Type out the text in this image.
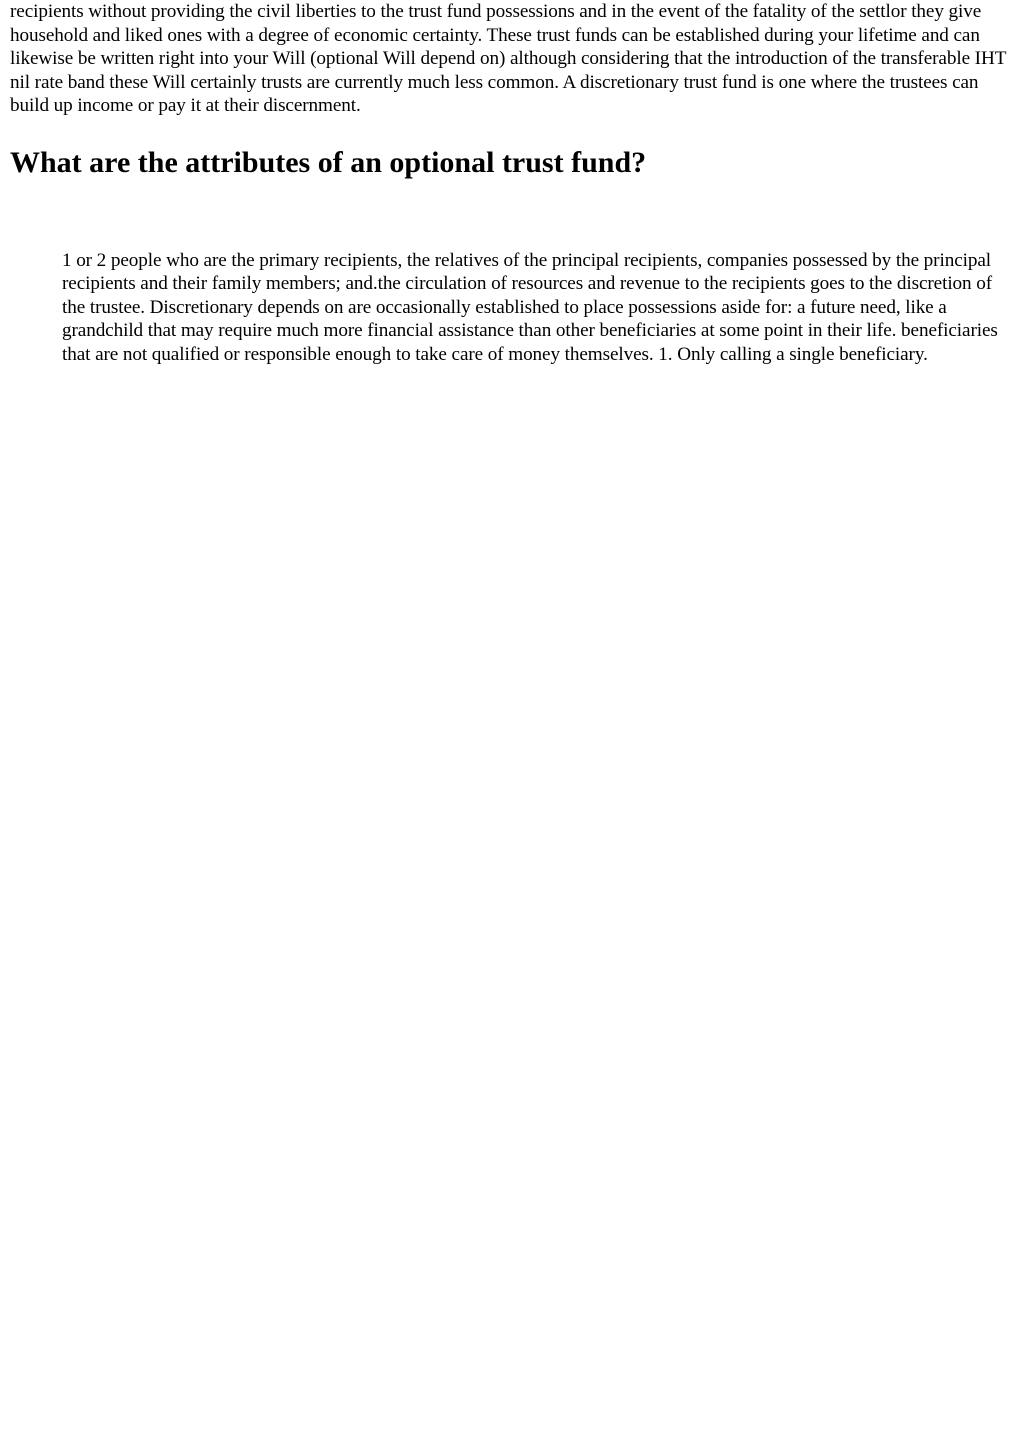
recipients without providing the civil liberties to the trust fund possessions and in the event of the fatality of the settlor they give household and liked ones with a degree of economic certainty. These trust funds can be established during your lifetime and can likewise be written right into your Will (optional Will depend on) although considering that the introduction of the transferable IHT nil rate band these Will certainly trusts are currently much less common. A discretionary trust fund is one where the trustees can build up income or pay it at their discernment.

What are the attributes of an optional trust fund?

1 or 2 people who are the primary recipients, the relatives of the principal recipients, companies possessed by the principal recipients and their family members; and.the circulation of resources and revenue to the recipients goes to the discretion of the trustee. Discretionary depends on are occasionally established to place possessions aside for: a future need, like a grandchild that may require much more financial assistance than other beneficiaries at some point in their life. beneficiaries that are not qualified or responsible enough to take care of money themselves. 1. Only calling a single beneficiary.
